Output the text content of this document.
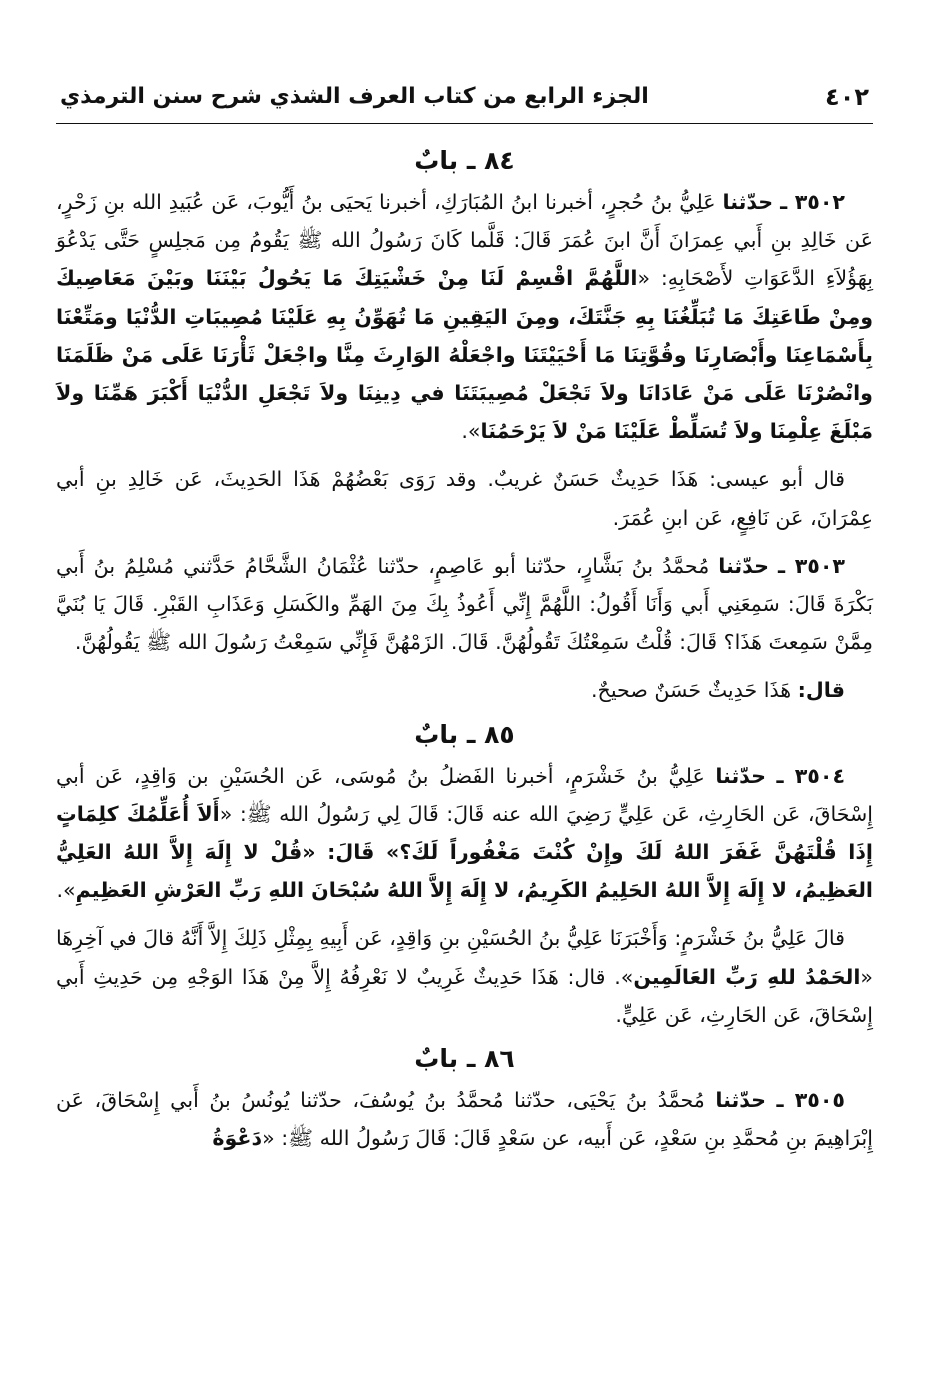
٤٠٢
الجزء الرابع من كتاب العرف الشذي شرح سنن الترمذي
٨٤ ـ بابٌ

٣٥٠٢ ـ حدّثنا عَلِيُّ بنُ حُجرٍ، أخبرنا ابنُ المُبَارَكِ، أخبرنا يَحيَى بنُ أَيُّوبَ، عَن عُبَيدِ الله بنِ زَحْرٍ، عَن خَالِدِ بنِ أَبي عِمرَانَ أَنَّ ابنَ عُمَرَ قَالَ: قَلَّما كَانَ رَسُولُ الله ﷺ يَقُومُ مِن مَجلِسٍ حَتَّى يَدْعُوَ بِهَؤُلاَءِ الدَّعَوَاتِ لأَصْحَابِهِ: «اللَّهُمَّ اقْسِمْ لَنَا مِنْ خَشْيَتِكَ مَا يَحُولُ بَيْنَنَا وبَيْنَ مَعَاصِيكَ ومِنْ طَاعَتِكَ مَا تُبَلِّغُنَا بِهِ جَنَّتَكَ، ومِنَ اليَقِينِ مَا تُهَوِّنُ بِهِ عَلَيْنَا مُصِيبَاتِ الدُّنْيَا ومَتِّعْنَا بِأَسْمَاعِنَا وأَبْصَارِنَا وقُوَّتِنَا مَا أَحْيَيْتَنَا واجْعَلْهُ الوَارِثَ مِنَّا واجْعَلْ ثَأْرَنَا عَلَى مَنْ ظَلَمَنَا وانْصُرْنَا عَلَى مَنْ عَادَانَا ولاَ تَجْعَلْ مُصِيبَتَنَا في دِينِنَا ولاَ تَجْعَلِ الدُّنْيَا أَكْبَرَ هَمِّنَا ولاَ مَبْلَغَ عِلْمِنَا ولاَ تُسَلِّطْ عَلَيْنَا مَنْ لاَ يَرْحَمُنَا».

قال أبو عيسى: هَذَا حَدِيثٌ حَسَنٌ غريبٌ. وقد رَوَى بَعْضُهُمْ هَذَا الحَدِيثَ، عَن خَالِدِ بنِ أبي عِمْرَانَ، عَن نَافِعٍ، عَن ابنِ عُمَرَ.

٣٥٠٣ ـ حدّثنا مُحمَّدُ بنُ بَشَّارٍ، حدّثنا أبو عَاصِمٍ، حدّثنا عُثْمَانُ الشَّحَّامُ حَدَّثني مُسْلِمُ بنُ أَبي بَكْرَةَ قَالَ: سَمِعَنِي أَبي وَأَنَا أَقُولُ: اللَّهُمَّ إِنِّي أَعُوذُ بِكَ مِنَ الهَمِّ والكَسَلِ وَعَذَابِ القَبْرِ. قَالَ يَا بُنَيَّ مِمَّنْ سَمِعتَ هَذَا؟ قَالَ: قُلْتُ سَمِعْتُكَ تَقُولُهُنَّ. قَالَ. الزَمْهُنَّ فَإِنِّي سَمِعْتُ رَسُولَ الله ﷺ يَقُولُهُنَّ.

قال: هَذَا حَدِيثٌ حَسَنٌ صحيحٌ.

٨٥ ـ بابٌ

٣٥٠٤ ـ حدّثنا عَلِيُّ بنُ خَشْرَمٍ، أخبرنا الفَضلُ بنُ مُوسَى، عَن الحُسَيْنِ بن وَاقِدٍ، عَن أبي إِسْحَاقَ، عَن الحَارِثِ، عَن عَلِيٍّ رَضِيَ الله عنه قَالَ: قَالَ لِي رَسُولُ الله ﷺ: «أَلاَ أُعَلِّمُكَ كلِمَاتٍ إِذَا قُلْتَهُنَّ غَفَرَ اللهُ لَكَ وإِنْ كُنْتَ مَغْفُوراً لَكَ؟» قَالَ: «قُلْ لا إِلَهَ إِلاَّ اللهُ العَلِيُّ العَظِيمُ، لا إِلَهَ إِلاَّ اللهُ الحَلِيمُ الكَرِيمُ، لا إِلَهَ إِلاَّ اللهُ سُبْحَانَ اللهِ رَبِّ العَرْشِ العَظِيمِ».

قالَ عَلِيُّ بنُ خَشْرَمٍ: وَأَخْبَرَنَا عَلِيُّ بنُ الحُسَيْنِ بنِ وَاقِدٍ، عَن أَبِيهِ بِمِثْلِ ذَلِكَ إِلاَّ أَنَّهُ قالَ في آخِرِهَا «الحَمْدُ للهِ رَبِّ العَالَمِين». قال: هَذَا حَدِيثٌ غَرِيبٌ لا نَعْرِفُهُ إِلاَّ مِنْ هَذَا الوَجْهِ مِن حَدِيثِ أَبي إِسْحَاقَ، عَن الحَارِثِ، عَن عَلِيٍّ.

٨٦ ـ بابٌ

٣٥٠٥ ـ حدّثنا مُحمَّدُ بنُ يَحْيَى، حدّثنا مُحمَّدُ بنُ يُوسُفَ، حدّثنا يُونُسُ بنُ أَبي إِسْحَاقَ، عَن إِبْرَاهِيمَ بنِ مُحمَّدِ بنِ سَعْدٍ، عَن أَبيه، عن سَعْدٍ قَالَ: قَالَ رَسُولُ الله ﷺ: «دَعْوَةُ
